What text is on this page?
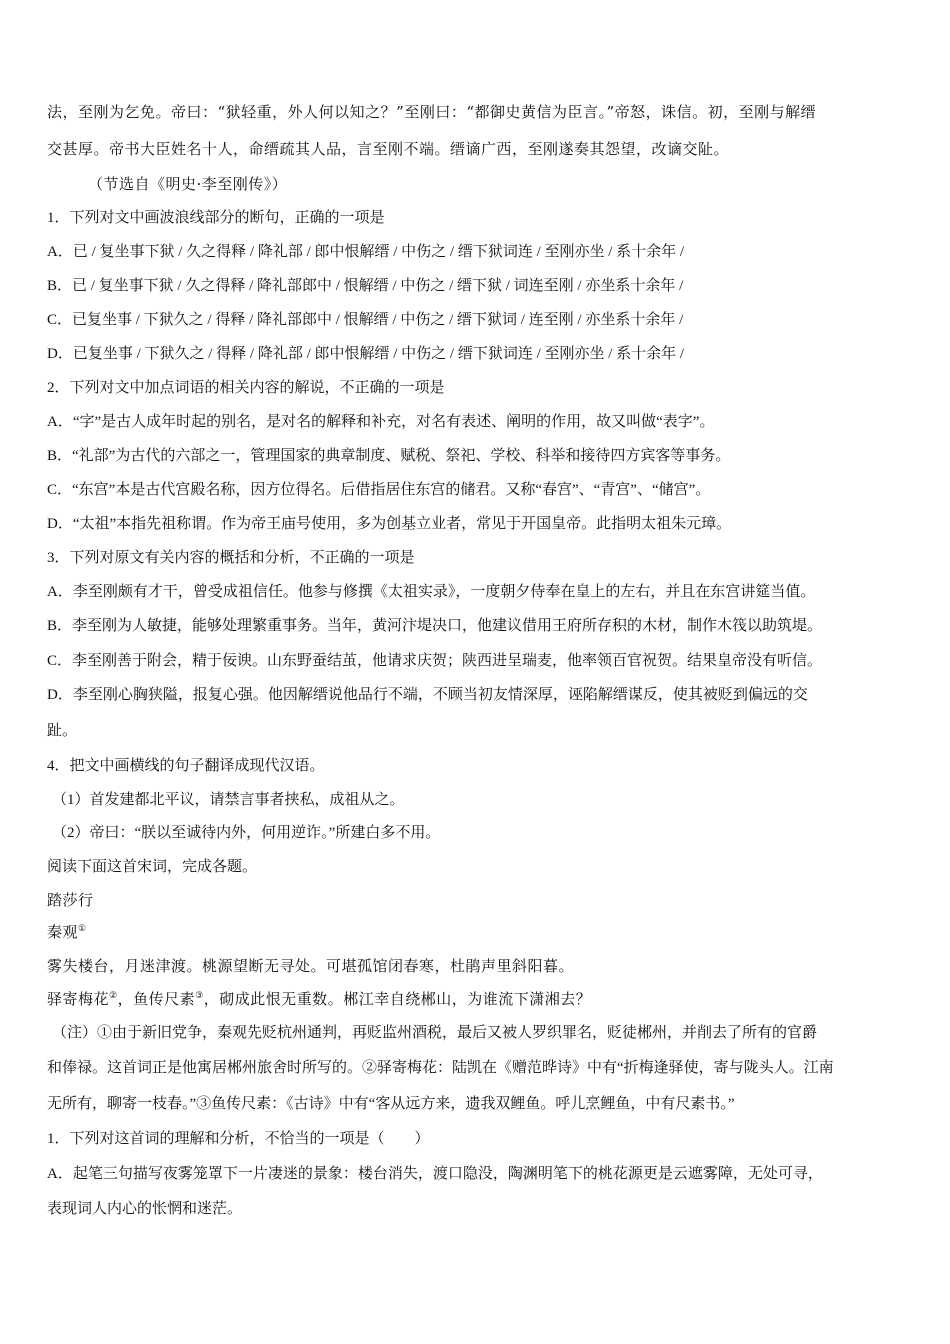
法，至刚为乞免。帝曰：“狱轻重，外人何以知之？”至刚曰：“都御史黄信为臣言。”帝怒，诛信。初，至刚与解缙
交甚厚。帝书大臣姓名十人，命缙疏其人品，言至刚不端。缙谪广西，至刚遂奏其怨望，改谪交阯。
（节选自《明史·李至刚传》）
1．下列对文中画波浪线部分的断句，正确的一项是
A．已 / 复坐事下狱 / 久之得释 / 降礼部 / 郎中恨解缙 / 中伤之 / 缙下狱词连 / 至刚亦坐 / 系十余年 /
B．已 / 复坐事下狱 / 久之得释 / 降礼部郎中 / 恨解缙 / 中伤之 / 缙下狱 / 词连至刚 / 亦坐系十余年 /
C．已复坐事 / 下狱久之 / 得释 / 降礼部郎中 / 恨解缙 / 中伤之 / 缙下狱词 / 连至刚 / 亦坐系十余年 /
D．已复坐事 / 下狱久之 / 得释 / 降礼部 / 郎中恨解缙 / 中伤之 / 缙下狱词连 / 至刚亦坐 / 系十余年 /
2．下列对文中加点词语的相关内容的解说，不正确的一项是
A．“字”是古人成年时起的别名，是对名的解释和补充，对名有表述、阐明的作用，故又叫做“表字”。
B．“礼部”为古代的六部之一，管理国家的典章制度、赋税、祭祀、学校、科举和接待四方宾客等事务。
C．“东宫”本是古代宫殿名称，因方位得名。后借指居住东宫的储君。又称“春宫”、“青宫”、“储宫”。
D．“太祖”本指先祖称谓。作为帝王庙号使用，多为创基立业者，常见于开国皇帝。此指明太祖朱元璋。
3．下列对原文有关内容的概括和分析，不正确的一项是
A．李至刚颇有才干，曾受成祖信任。他参与修撰《太祖实录》，一度朝夕侍奉在皇上的左右，并且在东宫讲筵当值。
B．李至刚为人敏捷，能够处理繁重事务。当年，黄河汴堤决口，他建议借用王府所存积的木材，制作木筏以助筑堤。
C．李至刚善于附会，精于佞谀。山东野蚕结茧，他请求庆贺；陕西进呈瑞麦，他率领百官祝贺。结果皇帝没有听信。
D．李至刚心胸狭隘，报复心强。他因解缙说他品行不端，不顾当初友情深厚，诬陷解缙谋反，使其被贬到偏远的交
趾。
4．把文中画横线的句子翻译成现代汉语。
（1）首发建都北平议，请禁言事者挟私，成祖从之。
（2）帝曰：“朕以至诚待内外，何用逆诈。”所建白多不用。
阅读下面这首宋词，完成各题。
踏莎行
秦观①
雾失楼台，月迷津渡。桃源望断无寻处。可堪孤馆闭春寒，杜鹃声里斜阳暮。
驿寄梅花②，鱼传尺素③，砌成此恨无重数。郴江幸自绕郴山，为谁流下潇湘去？
（注）①由于新旧党争，秦观先贬杭州通判，再贬监州酒税，最后又被人罗织罪名，贬徒郴州，并削去了所有的官爵
和俸禄。这首词正是他寓居郴州旅舍时所写的。②驿寄梅花：陆凯在《赠范晔诗》中有“折梅逢驿使，寄与陇头人。江南
无所有，聊寄一枝春。”③鱼传尺素：《古诗》中有“客从远方来，遗我双鲤鱼。呼儿烹鲤鱼，中有尺素书。”
1．下列对这首词的理解和分析，不恰当的一项是（　　）
A．起笔三句描写夜雾笼罩下一片凄迷的景象：楼台消失，渡口隐没，陶渊明笔下的桃花源更是云遮雾障，无处可寻，
表现词人内心的怅惘和迷茫。
